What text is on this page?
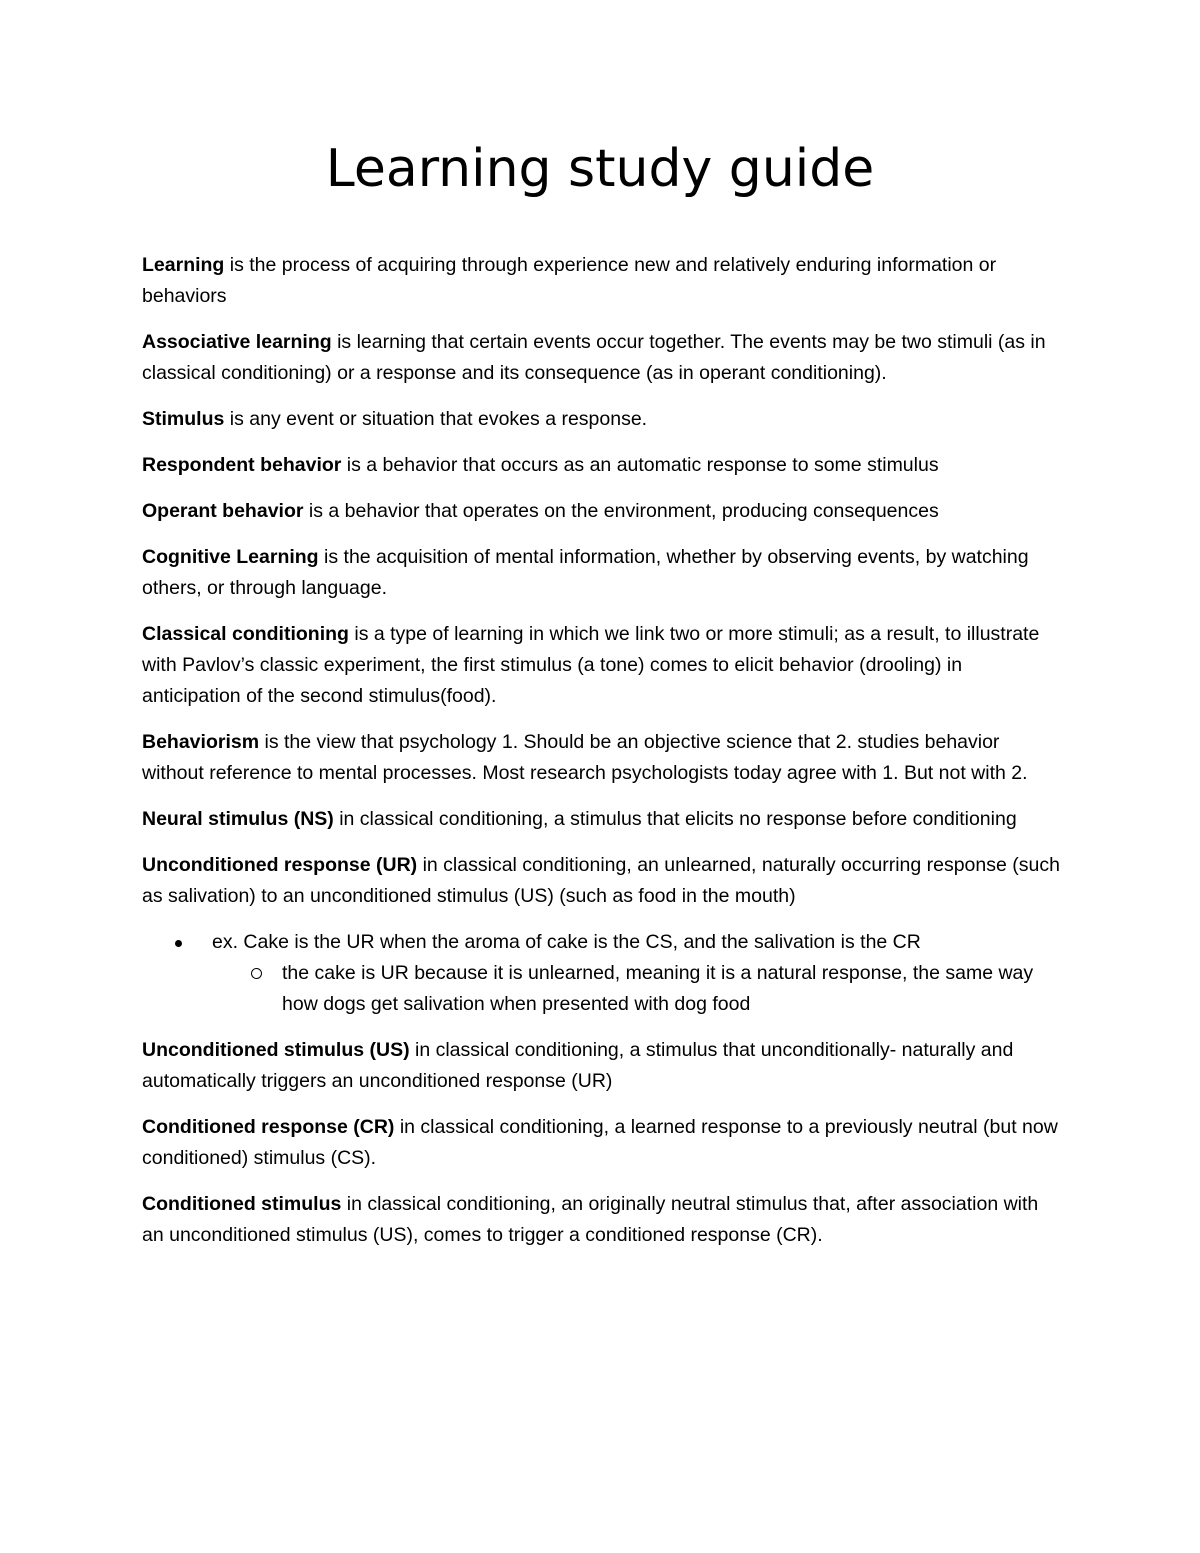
Learning study guide

Learning is the process of acquiring through experience new and relatively enduring information or behaviors

Associative learning is learning that certain events occur together. The events may be two stimuli (as in classical conditioning) or a response and its consequence (as in operant conditioning).

Stimulus is any event or situation that evokes a response.

Respondent behavior is a behavior that occurs as an automatic response to some stimulus

Operant behavior is a behavior that operates on the environment, producing consequences

Cognitive Learning is the acquisition of mental information, whether by observing events, by watching others, or through language.

Classical conditioning is a type of learning in which we link two or more stimuli; as a result, to illustrate with Pavlov’s classic experiment, the first stimulus (a tone) comes to elicit behavior (drooling) in anticipation of the second stimulus(food).

Behaviorism is the view that psychology 1. Should be an objective science that 2. studies behavior without reference to mental processes. Most research psychologists today agree with 1. But not with 2.

Neural stimulus (NS) in classical conditioning, a stimulus that elicits no response before conditioning

Unconditioned response (UR) in classical conditioning, an unlearned, naturally occurring response (such as salivation) to an unconditioned stimulus (US) (such as food in the mouth)

ex. Cake is the UR when the aroma of cake is the CS, and the salivation is the CR
the cake is UR because it is unlearned, meaning it is a natural response, the same way how dogs get salivation when presented with dog food

Unconditioned stimulus (US) in classical conditioning, a stimulus that unconditionally- naturally and automatically triggers an unconditioned response (UR)

Conditioned response (CR) in classical conditioning, a learned response to a previously neutral (but now conditioned) stimulus (CS).

Conditioned stimulus in classical conditioning, an originally neutral stimulus that, after association with an unconditioned stimulus (US), comes to trigger a conditioned response (CR).
